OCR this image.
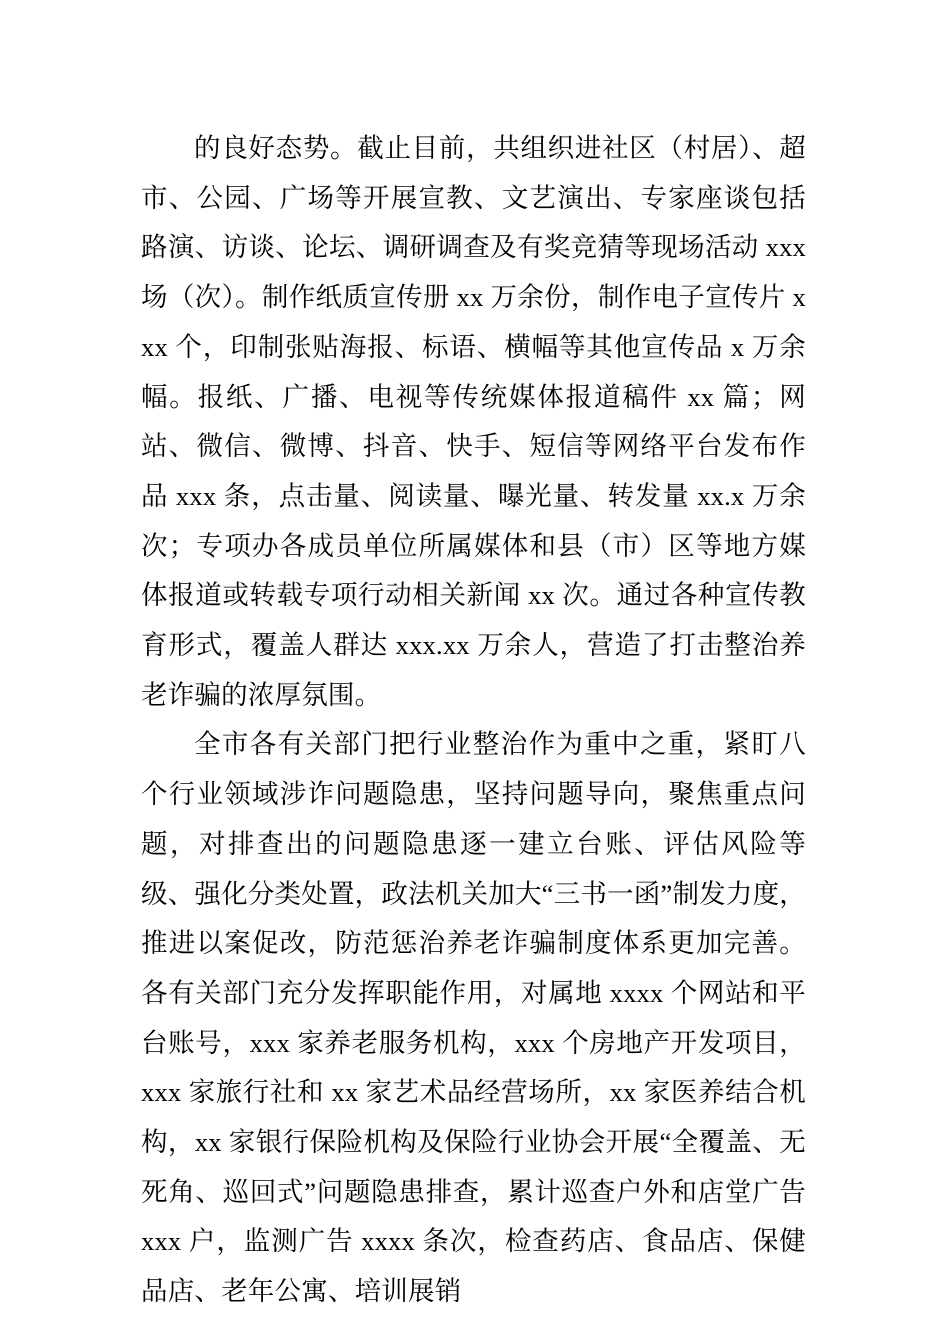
的良好态势。截止目前，共组织进社区（村居）、超市、公园、广场等开展宣教、文艺演出、专家座谈包括路演、访谈、论坛、调研调查及有奖竞猜等现场活动 xxx 场（次）。制作纸质宣传册 xx 万余份，制作电子宣传片 xxx 个，印制张贴海报、标语、横幅等其他宣传品 x 万余幅。报纸、广播、电视等传统媒体报道稿件 xx 篇；网站、微信、微博、抖音、快手、短信等网络平台发布作品 xxx 条，点击量、阅读量、曝光量、转发量 xx.x 万余次；专项办各成员单位所属媒体和县（市）区等地方媒体报道或转载专项行动相关新闻 xx 次。通过各种宣传教育形式，覆盖人群达 xxx.xx 万余人，营造了打击整治养老诈骗的浓厚氛围。

全市各有关部门把行业整治作为重中之重，紧盯八个行业领域涉诈问题隐患，坚持问题导向，聚焦重点问题，对排查出的问题隐患逐一建立台账、评估风险等级、强化分类处置，政法机关加大“三书一函”制发力度，推进以案促改，防范惩治养老诈骗制度体系更加完善。各有关部门充分发挥职能作用，对属地 xxxx 个网站和平台账号，xxx 家养老服务机构，xxx 个房地产开发项目，xxx 家旅行社和 xx 家艺术品经营场所，xx 家医养结合机构，xx 家银行保险机构及保险行业协会开展“全覆盖、无死角、巡回式”问题隐患排查，累计巡查户外和店堂广告 xxx 户，监测广告 xxxx 条次，检查药店、食品店、保健品店、老年公寓、培训展销
